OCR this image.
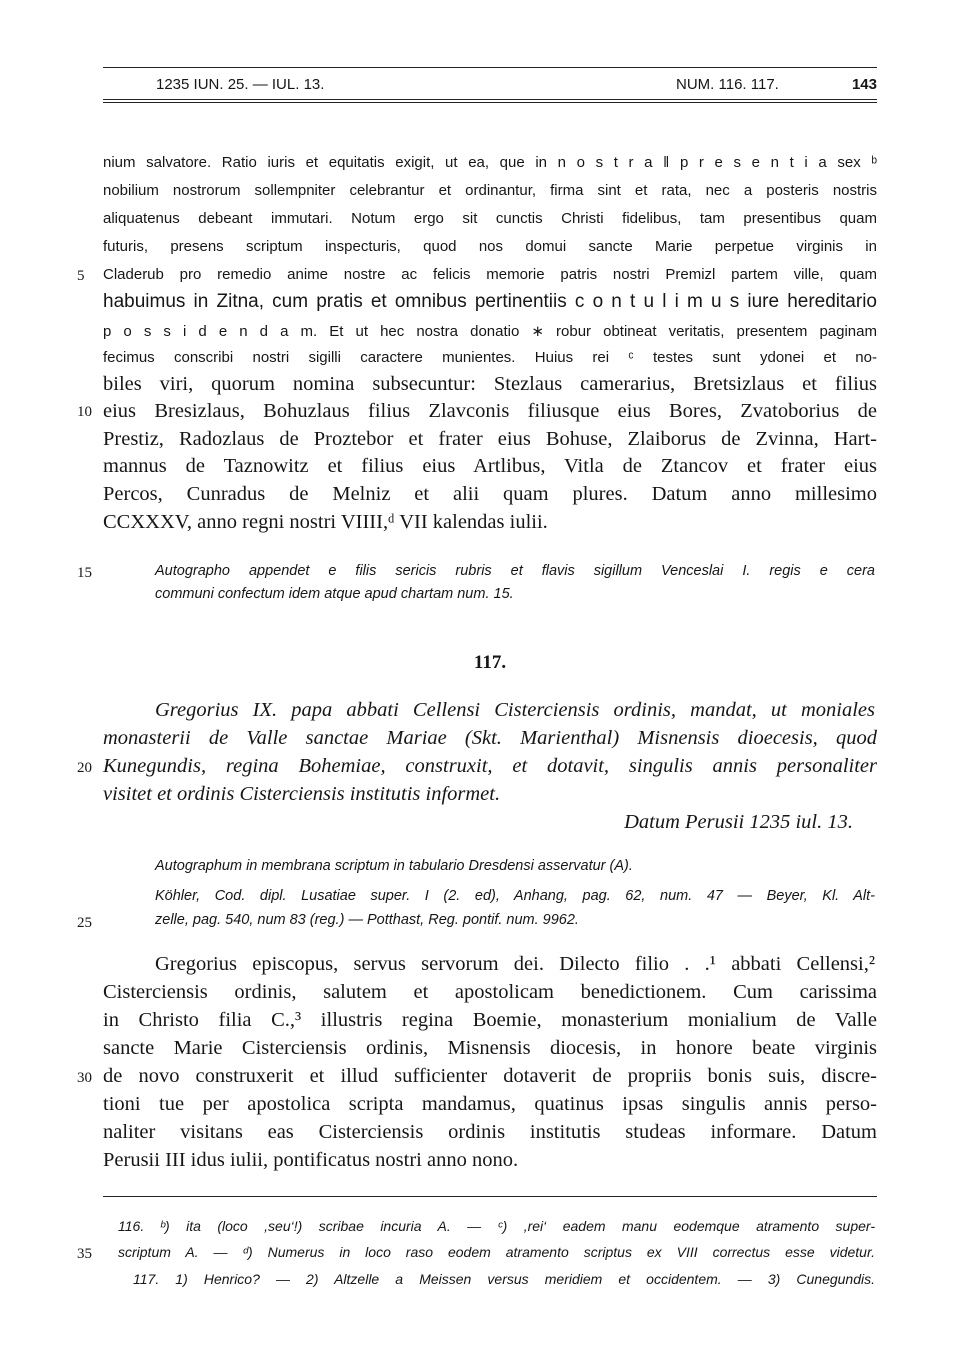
1235 IUN. 25. — IUL. 13.	NUM. 116. 117.	143
nium salvatore. Ratio iuris et equitatis exigit, ut ea, que in n o s t r a ‖ p r e s e n t i a sex ᵇ
nobilium nostrorum sollempniter celebrantur et ordinantur, firma sint et rata, nec a posteris nostris
aliquatenus debeant immutari. Notum ergo sit cunctis Christi fidelibus, tam presentibus quam
futuris, presens scriptum inspecturis, quod nos domui sancte Marie perpetue virginis in
Claderub pro remedio anime nostre ac felicis memorie patris nostri Premizl partem ville, quam
habuimus in Zitna, cum pratis et omnibus pertinentiis c o n t u l i m u s iure hereditario
p o s s i d e n d a m. Et ut hec nostra donatio ∗ robur obtineat veritatis, presentem paginam
fecimus conscribi nostri sigilli caractere munientes. Huius rei ᶜ testes sunt ydonei et no-
biles viri, quorum nomina subsecuntur: Stezlaus camerarius, Bretsizlaus et filius
eius Bresizlaus, Bohuzlaus filius Zlavconis filiusque eius Bores, Zvatoborius de
Prestiz, Radozlaus de Proztebor et frater eius Bohuse, Zlaiborus de Zvinna, Hart-
mannus de Taznowitz et filius eius Artlibus, Vitla de Ztancov et frater eius
Percos, Cunradus de Melniz et alii quam plures. Datum anno millesimo
CCXXXV, anno regni nostri VIIII,ᵈ VII kalendas iulii.
Autographo appendet e filis sericis rubris et flavis sigillum Venceslai I. regis e cera
communi confectum idem atque apud chartam num. 15.
117.
Gregorius IX. papa abbati Cellensi Cisterciensis ordinis, mandat, ut moniales
monasterii de Valle sanctae Mariae (Skt. Marienthal) Misnensis dioecesis, quod
Kunegundis, regina Bohemiae, construxit, et dotavit, singulis annis personaliter
visitet et ordinis Cisterciensis institutis informet.
Datum Perusii 1235 iul. 13.
Autographum in membrana scriptum in tabulario Dresdensi asservatur (A).
Köhler, Cod. dipl. Lusatiae super. I (2. ed), Anhang, pag. 62, num. 47 — Beyer, Kl. Alt-
zelle, pag. 540, num 83 (reg.) — Potthast, Reg. pontif. num. 9962.
Gregorius episcopus, servus servorum dei. Dilecto filio . .¹ abbati Cellensi,²
Cisterciensis ordinis, salutem et apostolicam benedictionem. Cum carissima
in Christo filia C.,³ illustris regina Boemie, monasterium monialium de Valle
sancte Marie Cisterciensis ordinis, Misnensis diocesis, in honore beate virginis
de novo construxerit et illud sufficienter dotaverit de propriis bonis suis, discre-
tioni tue per apostolica scripta mandamus, quatinus ipsas singulis annis perso-
naliter visitans eas Cisterciensis ordinis institutis studeas informare. Datum
Perusii III idus iulii, pontificatus nostri anno nono.
116. ᵇ) ita (loco ,seu‘!) scribae incuria A. — ᶜ) ,rei‘ eadem manu eodemque atramento super-
scriptum A. — ᵈ) Numerus in loco raso eodem atramento scriptus ex VIII correctus esse videtur.
117. 1) Henrico? — 2) Altzelle a Meissen versus meridiem et occidentem. — 3) Cunegundis.
5
10
15
20
25
30
35
